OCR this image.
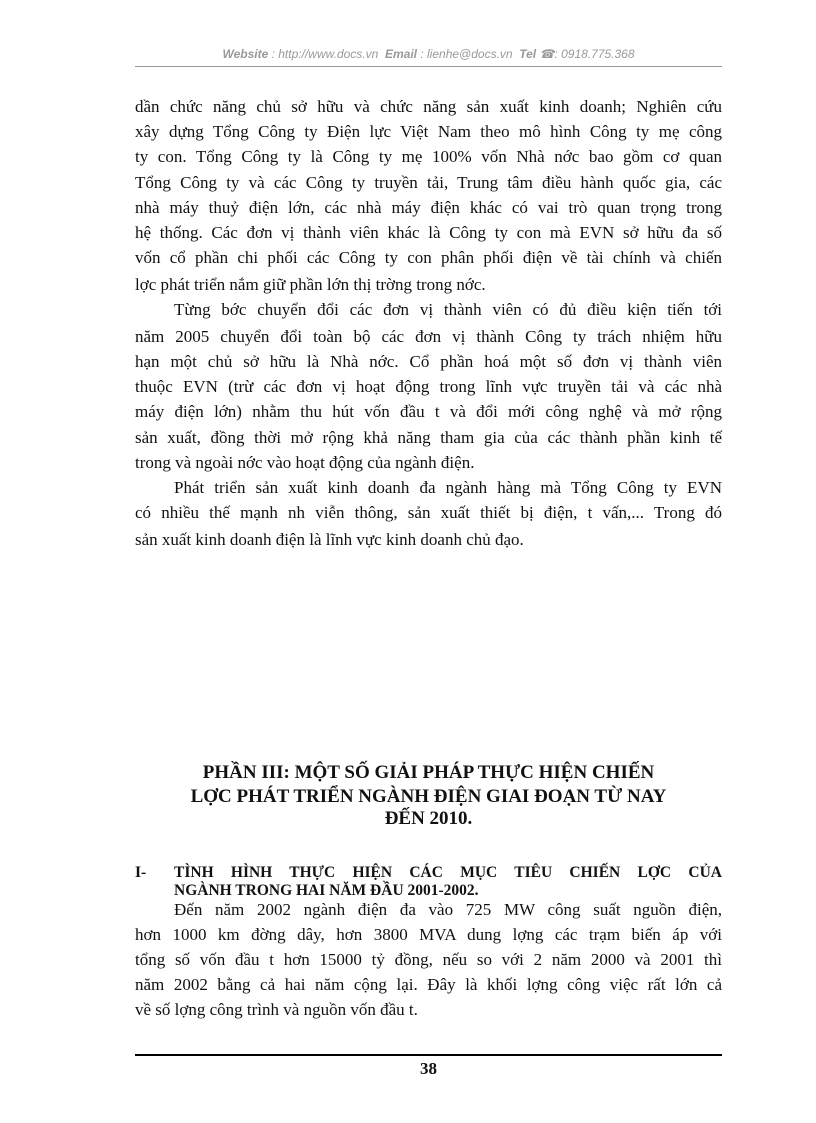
Website : http://www.docs.vn Email : lienhe@docs.vn Tel ☎: 0918.775.368
dần chức năng chủ sở hữu và chức năng sản xuất kinh doanh; Nghiên cứu
xây dựng Tổng Công ty Điện lực Việt Nam theo mô hình Công ty mẹ công
ty con. Tổng Công ty là Công ty mẹ 100% vốn Nhà nớc bao gồm cơ quan
Tổng Công ty và các Công ty truyền tải, Trung tâm điều hành quốc gia, các
nhà máy thuỷ điện lớn, các nhà máy điện khác có vai trò quan trọng trong
hệ thống. Các đơn vị thành viên khác là Công ty con mà EVN sở hữu đa số
vốn cổ phần chi phối các Công ty con phân phối điện về tài chính và chiến
lợc phát triển nắm giữ phần lớn thị trờng trong nớc.
Từng bớc chuyển đổi các đơn vị thành viên có đủ điều kiện tiến tới
năm 2005 chuyển đổi toàn bộ các đơn vị thành Công ty trách nhiệm hữu
hạn một chủ sở hữu là Nhà nớc. Cổ phần hoá một số đơn vị thành viên
thuộc EVN (trừ các đơn vị hoạt động trong lĩnh vực truyền tải và các nhà
máy điện lớn) nhằm thu hút vốn đầu t và đổi mới công nghệ và mở rộng
sản xuất, đồng thời mở rộng khả năng tham gia của các thành phần kinh tế
trong và ngoài nớc vào hoạt động của ngành điện.
Phát triển sản xuất kinh doanh đa ngành hàng mà Tổng Công ty EVN
có nhiều thế mạnh nh viễn thông, sản xuất thiết bị điện, t vấn,... Trong đó
sản xuất kinh doanh điện là lĩnh vực kinh doanh chủ đạo.
PHẦN III: MỘT SỐ GIẢI PHÁP THỰC HIỆN CHIẾN
LỢC PHÁT TRIỂN NGÀNH ĐIỆN GIAI ĐOẠN TỪ NAY
ĐẾN 2010.
I- TÌNH HÌNH THỰC HIỆN CÁC MỤC TIÊU CHIẾN LỢC CỦA
NGÀNH TRONG HAI NĂM ĐẦU 2001-2002.
Đến năm 2002 ngành điện đa vào 725 MW công suất nguồn điện,
hơn 1000 km đờng dây, hơn 3800 MVA dung lợng các trạm biến áp với
tổng số vốn đầu t hơn 15000 tỷ đồng, nếu so với 2 năm 2000 và 2001 thì
năm 2002 bằng cả hai năm cộng lại. Đây là khối lợng công việc rất lớn cả
về số lợng công trình và nguồn vốn đầu t.
38
